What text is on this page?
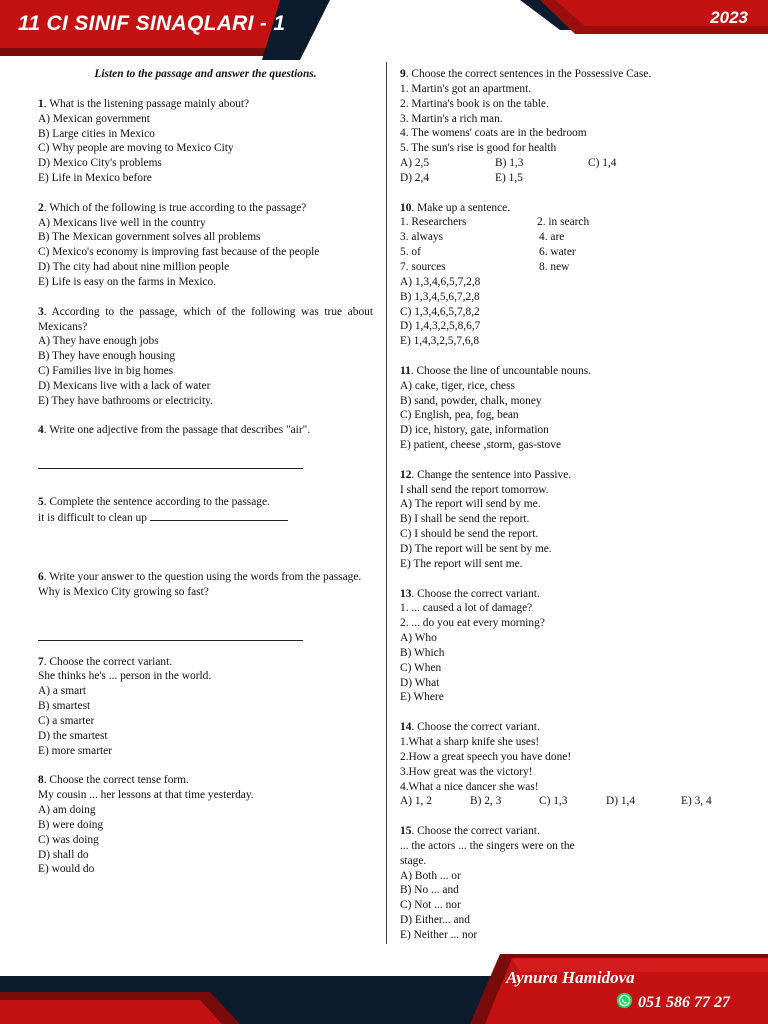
11 CI SINIF SINAQLARI - 1	2023
Listen to the passage and answer the questions.

1. What is the listening passage mainly about?

A) Mexican government

B) Large cities in Mexico

C) Why people are moving to Mexico City

D) Mexico City's problems

E) Life in Mexico before

2. Which of the following is true according to the passage?

A) Mexicans live well in the country

B) The Mexican government solves all problems

C) Mexico's economy is improving fast because of the people

D) The city had about nine million people

E) Life is easy on the farms in Mexico.

3. According to the passage, which of the following was true about Mexicans?

A) They have enough jobs

B) They have enough housing

C) Families live in big homes

D) Mexicans live with a lack of water

E) They have bathrooms or electricity.

4. Write one adjective from the passage that describes "air".

5. Complete the sentence according to the passage.

it is difficult to clean up

6. Write your answer to the question using the words from the passage.

Why is Mexico City growing so fast?

7. Choose the correct variant.

She thinks he's ... person in the world.

A) a smart

B) smartest

C) a smarter

D) the smartest

E) more smarter

8. Choose the correct tense form.

My cousin ... her lessons at that time yesterday.

A) am doing

B) were doing

C) was doing

D) shall do

E) would do

9. Choose the correct sentences in the Possessive Case.

1. Martin's got an apartment.

2. Martina's book is on the table.

3. Martin's a rich man.

4. The womens' coats are in the bedroom

5. The sun's rise is good for health

A) 2,5	B) 1,3	C) 1,4
D) 2,4	E) 1,5

10. Make up a sentence.

1. Researchers	2. in search
3. always	4. are
5. of	6. water
7. sources	8. new

A) 1,3,4,6,5,7,2,8

B) 1,3,4,5,6,7,2,8

C) 1,3,4,6,5,7,8,2

D) 1,4,3,2,5,8,6,7

E) 1,4,3,2,5,7,6,8

11. Choose the line of uncountable nouns.

A) cake, tiger, rice, chess

B) sand, powder, chalk, money

C) English, pea, fog, bean

D) ice, history, gate, information

E) patient, cheese ,storm, gas-stove

12. Change the sentence into Passive.

I shall send the report tomorrow.

A) The report will send by me.

B) I shall be send the report.

C) I should be send the report.

D) The report will be sent by me.

E) The report will sent me.

13. Choose the correct variant.

1. ... caused a lot of damage?

2. ... do you eat every morning?

A) Who

B) Which

C) When

D) What

E) Where

14. Choose the correct variant.

1.What a sharp knife she uses!

2.How a great speech you have done!

3.How great was the victory!

4.What a nice dancer she was!

A) 1, 2	B) 2, 3	C) 1,3	D) 1,4	E) 3, 4

15. Choose the correct variant.

... the actors ... the singers were on the stage.

A) Both ... or

B) No ... and

C) Not ... nor

D) Either... and

E) Neither ... nor

Aynura Hamidova
051 586 77 27
